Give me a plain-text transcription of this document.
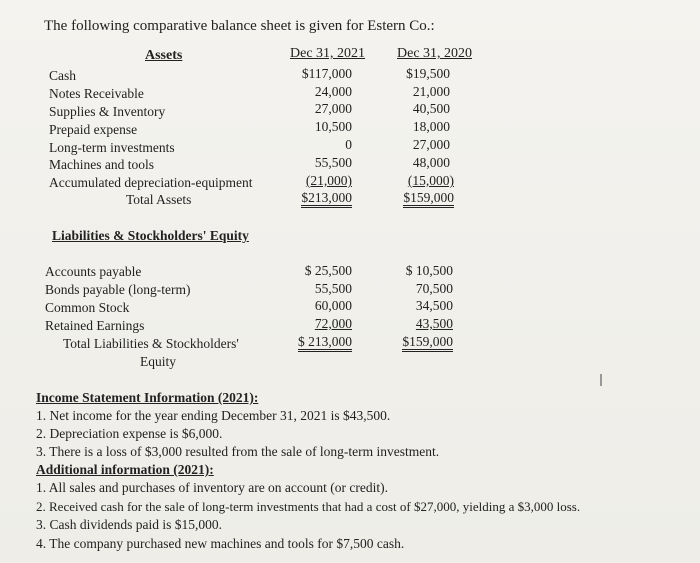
The following comparative balance sheet is given for Estern Co.:
Assets	Dec 31, 2021 Dec 31, 2020
Cash	$117,000	$19,500
Notes Receivable	24,000	21,000
Supplies & Inventory	27,000	40,500
Prepaid expense	10,500	18,000
Long-term investments	0	27,000
Machines and tools	55,500	48,000
Accumulated depreciation-equipment	(21,000)	(15,000)
Total Assets	$213,000	$159,000
Liabilities & Stockholders' Equity
Accounts payable	$ 25,500	$ 10,500
Bonds payable (long-term)	55,500	70,500
Common Stock	60,000	34,500
Retained Earnings	72,000	43,500
Total Liabilities & Stockholders'
Equity
$ 213,000	$159,000
Income Statement Information (2021):
1. Net income for the year ending December 31, 2021 is $43,500.
2. Depreciation expense is $6,000.
3. There is a loss of $3,000 resulted from the sale of long-term investment.
Additional information (2021):
1. All sales and purchases of inventory are on account (or credit).
2. Received cash for the sale of long-term investments that had a cost of $27,000, yielding a $3,000 loss.
3. Cash dividends paid is $15,000.
4. The company purchased new machines and tools for $7,500 cash.
